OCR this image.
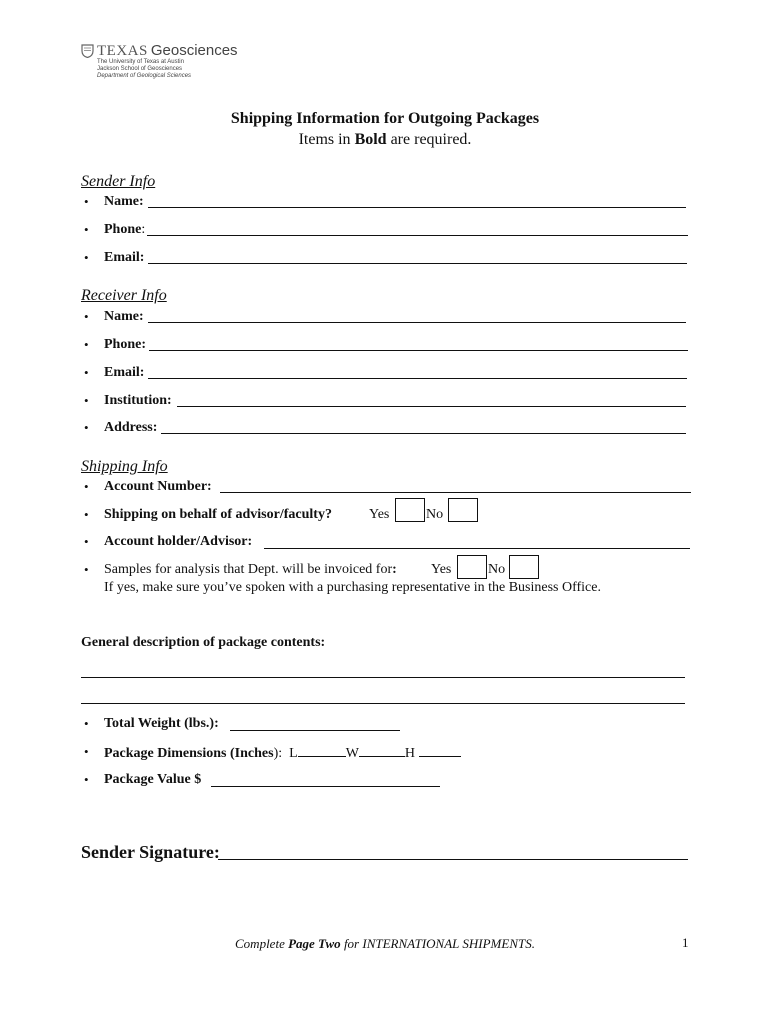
TEXAS Geosciences
The University of Texas at Austin
Jackson School of Geosciences
Department of Geological Sciences
Shipping Information for Outgoing Packages
Items in Bold are required.
Sender Info
• Name:
• Phone:
• Email:
Receiver Info
• Name:
• Phone:
• Email:
• Institution:
• Address:
Shipping Info
• Account Number:
• Shipping on behalf of advisor/faculty?	Yes	No
• Account holder/Advisor:
• Samples for analysis that Dept. will be invoiced for: Yes	No
If yes, make sure you’ve spoken with a purchasing representative in the Business Office.
General description of package contents:
• Total Weight (lbs.):
• Package Dimensions (Inches): L	W	H
• Package Value $
Sender Signature:
Complete Page Two for INTERNATIONAL SHIPMENTS.	1
